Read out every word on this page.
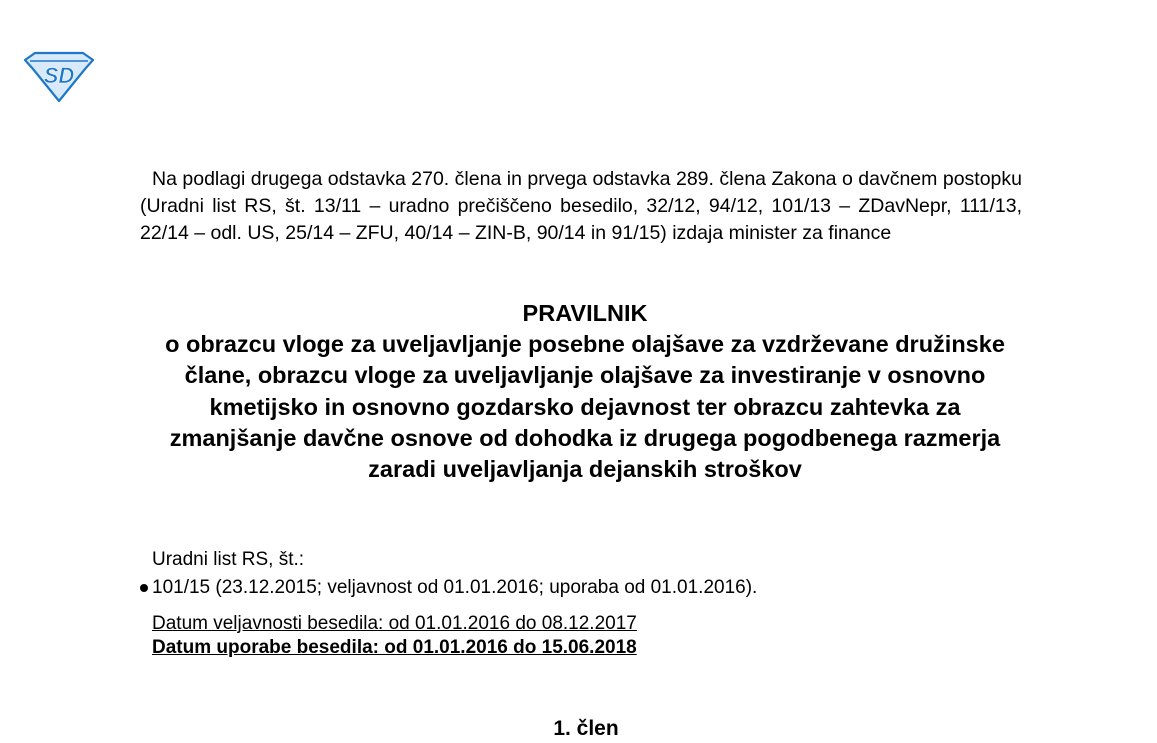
SD

Na podlagi drugega odstavka 270. člena in prvega odstavka 289. člena Zakona o davčnem postopku (Uradni list RS, št. 13/11 – uradno prečiščeno besedilo, 32/12, 94/12, 101/13 – ZDavNepr, 111/13, 22/14 – odl. US, 25/14 – ZFU, 40/14 – ZIN-B, 90/14 in 91/15) izdaja minister za finance

PRAVILNIK
o obrazcu vloge za uveljavljanje posebne olajšave za vzdrževane družinske člane, obrazcu vloge za uveljavljanje olajšave za investiranje v osnovno kmetijsko in osnovno gozdarsko dejavnost ter obrazcu zahtevka za zmanjšanje davčne osnove od dohodka iz drugega pogodbenega razmerja zaradi uveljavljanja dejanskih stroškov
Uradni list RS, št.:
101/15 (23.12.2015; veljavnost od 01.01.2016; uporaba od 01.01.2016).
Datum veljavnosti besedila: od 01.01.2016 do 08.12.2017
Datum uporabe besedila: od 01.01.2016 do 15.06.2018
1. člen
